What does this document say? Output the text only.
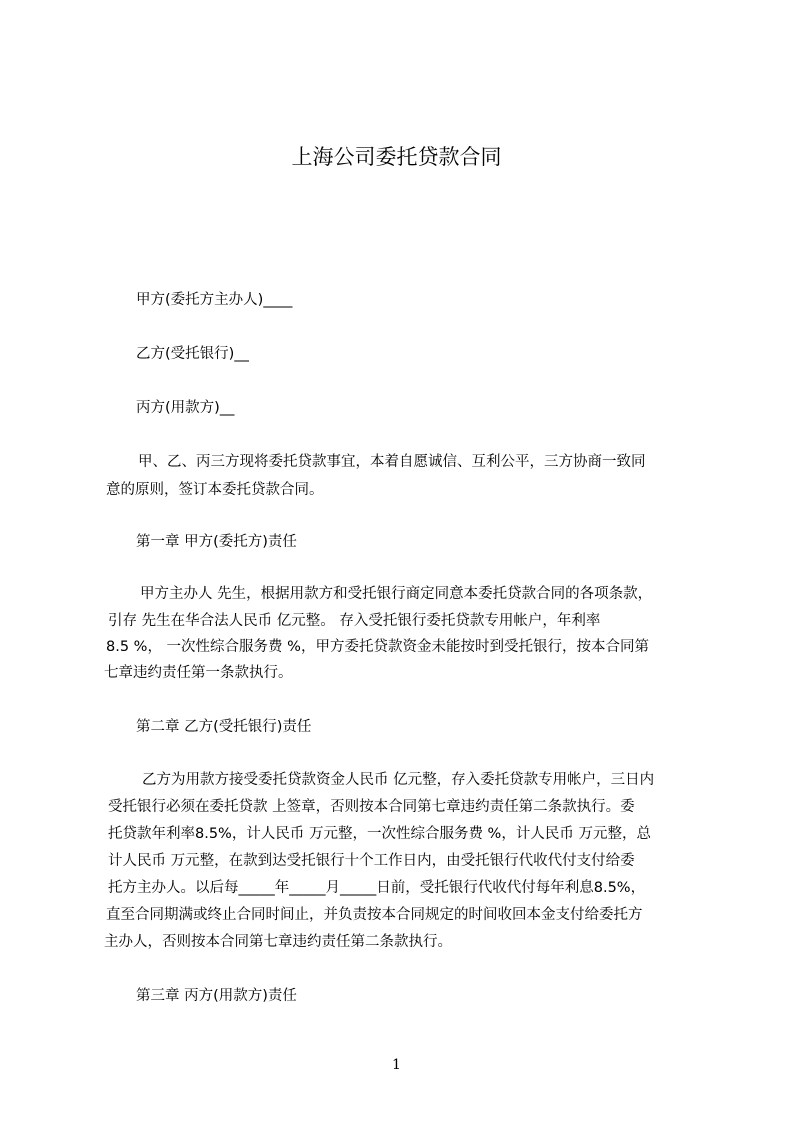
上海公司委托贷款合同
甲方(委托方主办人)____
乙方(受托银行)__
丙方(用款方)__
甲、乙、丙三方现将委托贷款事宜，本着自愿诚信、互利公平，三方协商一致同
意的原则，签订本委托贷款合同。
第一章 甲方(委托方)责任
甲方主办人 先生，根据用款方和受托银行商定同意本委托贷款合同的各项条款，
引存 先生在华合法人民币 亿元整。 存入受托银行委托贷款专用帐户，年利率
8.5 %， 一次性综合服务费 %，甲方委托贷款资金未能按时到受托银行，按本合同第
七章违约责任第一条款执行。
第二章 乙方(受托银行)责任
乙方为用款方接受委托贷款资金人民币 亿元整，存入委托贷款专用帐户，三日内
受托银行必须在委托贷款 上签章，否则按本合同第七章违约责任第二条款执行。委
托贷款年利率8.5%，计人民币 万元整，一次性综合服务费 %，计人民币 万元整，总
计人民币 万元整，在款到达受托银行十个工作日内，由受托银行代收代付支付给委
托方主办人。以后每_____年_____月_____日前，受托银行代收代付每年利息8.5%，
直至合同期满或终止合同时间止，并负责按本合同规定的时间收回本金支付给委托方
主办人，否则按本合同第七章违约责任第二条款执行。
第三章 丙方(用款方)责任
1
